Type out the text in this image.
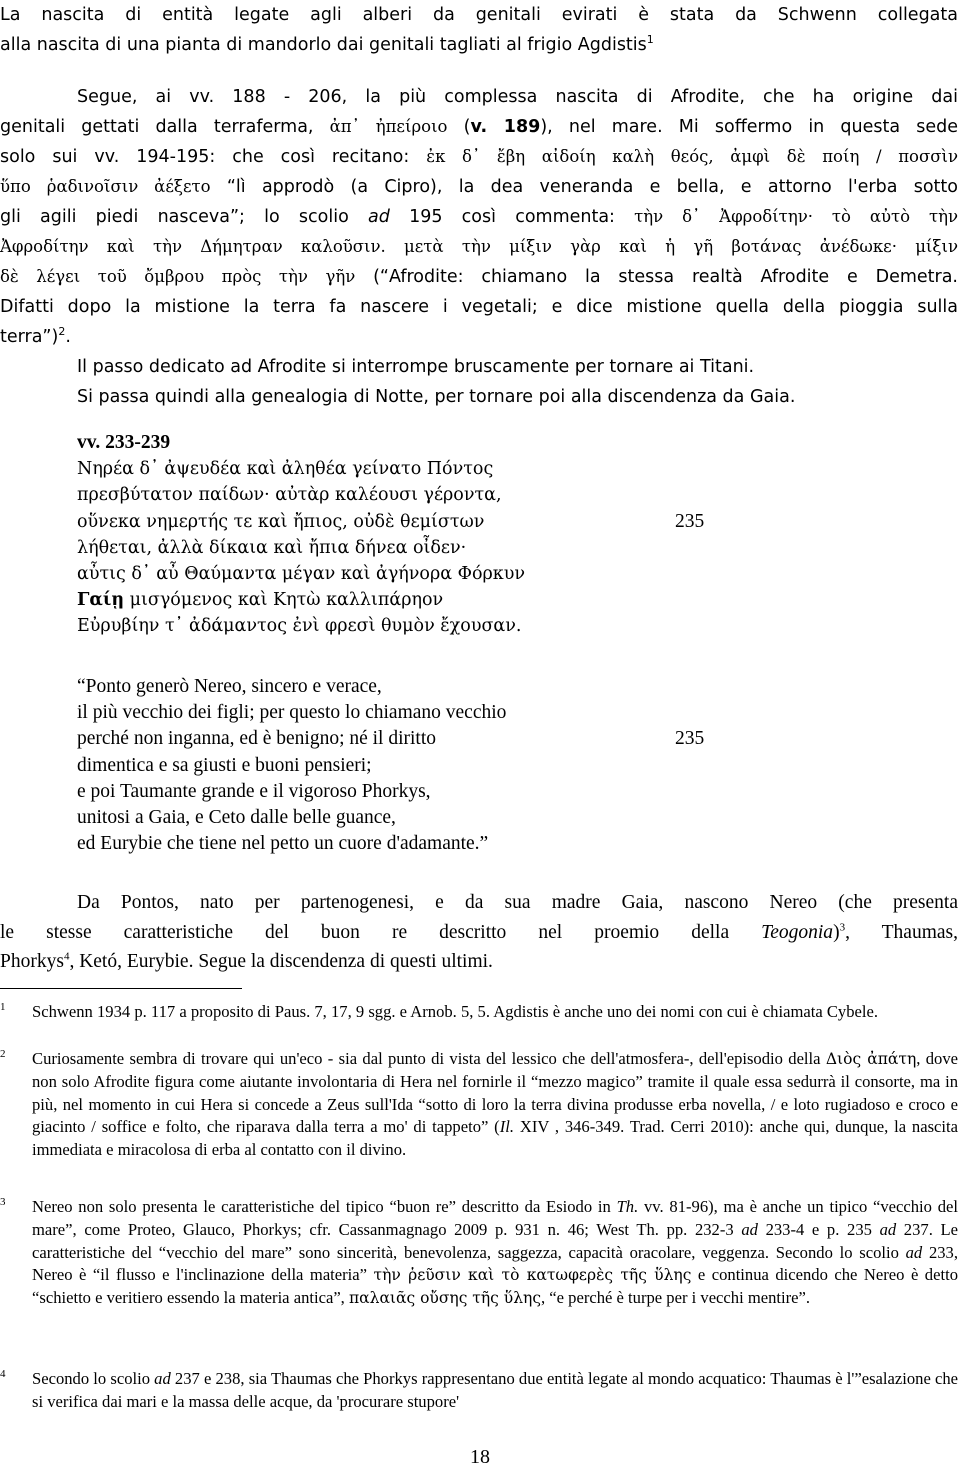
La nascita di entità legate agli alberi da genitali evirati è stata da Schwenn collegata

alla nascita di una pianta di mandorlo dai genitali tagliati al frigio Agdistis$^1$

Segue, ai vv. 188 - 206, la più complessa nascita di Afrodite, che ha origine dai

genitali gettati dalla terraferma, ἀπ᾽ ἠπείροιο (v. 189), nel mare. Mi soffermo in questa sede

solo sui vv. 194-195: che così recitano: ἐκ δ᾽ ἔβη αἰδοίη καλὴ θεός, ἀμφὶ δὲ ποίη / ποσσὶν

ὕπο ῥαδινοῖσιν ἀέξετο “lì approdò (a Cipro), la dea veneranda e bella, e attorno l'erba sotto

gli agili piedi nasceva”; lo scolio ad 195 così commenta: τὴν δ᾽ Ἀφροδίτην· τὸ αὐτὸ τὴν

Ἀφροδίτην καὶ τὴν Δήμητραν καλοῦσιν. μετὰ τὴν μίξιν γὰρ καὶ ἡ γῆ βοτάνας ἀνέδωκε· μίξιν

δὲ λέγει τοῦ ὄμβρου πρὸς τὴν γῆν (“Afrodite: chiamano la stessa realtà Afrodite e Demetra.

Difatti dopo la mistione la terra fa nascere i vegetali; e dice mistione quella della pioggia sulla

terra”)$^2$.

Il passo dedicato ad Afrodite si interrompe bruscamente per tornare ai Titani.

Si passa quindi alla genealogia di Notte, per tornare poi alla discendenza da Gaia.

vv. 233-239
Νηρέα δ᾽ ἀψευδέα καὶ ἀληθέα γείνατο Πόντος
πρεσβύτατον παίδων· αὐτὰρ καλέουσι γέροντα,
οὕνεκα νημερτής τε καὶ ἤπιος, οὐδὲ θεμίστων	235
λήθεται, ἀλλὰ δίκαια καὶ ἤπια δήνεα οἶδεν·
αὖτις δ᾽ αὖ Θαύμαντα μέγαν καὶ ἀγήνορα Φόρκυν
Γαίῃ μισγόμενος καὶ Κητὼ καλλιπάρηον
Εὐρυβίην τ᾽ ἀδάμαντος ἐνὶ φρεσὶ θυμὸν ἔχουσαν.
“Ponto generò Nereo, sincero e verace,
il più vecchio dei figli; per questo lo chiamano vecchio
perché non inganna, ed è benigno; né il diritto	235
dimentica e sa giusti e buoni pensieri;
e poi Taumante grande e il vigoroso Phorkys,
unitosi a Gaia, e Ceto dalle belle guance,
ed Eurybie che tiene nel petto un cuore d'adamante.”

Da Pontos, nato per partenogenesi, e da sua madre Gaia, nascono Nereo (che presenta

le stesse caratteristiche del buon re descritto nel proemio della Teogonia)$^3$, Thaumas,

Phorkys$^4$, Ketó, Eurybie. Segue la discendenza di questi ultimi.

1 Schwenn 1934 p. 117 a proposito di Paus. 7, 17, 9 sgg. e Arnob. 5, 5. Agdistis è anche uno dei nomi con cui è chiamata Cybele.
2 Curiosamente sembra di trovare qui un'eco - sia dal punto di vista del lessico che dell'atmosfera-, dell'episodio della Διὸς ἀπάτη, dove non solo Afrodite figura come aiutante involontaria di Hera nel fornirle il “mezzo magico” tramite il quale essa sedurrà il consorte, ma in più, nel momento in cui Hera si concede a Zeus sull'Ida “sotto di loro la terra divina produsse erba novella, / e loto rugiadoso e croco e giacinto / soffice e folto, che riparava dalla terra a mo' di tappeto” (Il. XIV , 346-349. Trad. Cerri 2010): anche qui, dunque, la nascita immediata e miracolosa di erba al contatto con il divino.
3 Nereo non solo presenta le caratteristiche del tipico “buon re” descritto da Esiodo in Th. vv. 81-96), ma è anche un tipico “vecchio del mare”, come Proteo, Glauco, Phorkys; cfr. Cassanmagnago 2009 p. 931 n. 46; West Th. pp. 232-3 ad 233-4 e p. 235 ad 237. Le caratteristiche del “vecchio del mare” sono sincerità, benevolenza, saggezza, capacità oracolare, veggenza. Secondo lo scolio ad 233, Nereo è “il flusso e l'inclinazione della materia” τὴν ῥεῦσιν καὶ τὸ κατωφερὲς τῆς ὕλης e continua dicendo che Nereo è detto “schietto e veritiero essendo la materia antica”, παλαιᾶς οὔσης τῆς ὕλης, “e perché è turpe per i vecchi mentire”.
4 Secondo lo scolio ad 237 e 238, sia Thaumas che Phorkys rappresentano due entità legate al mondo acquatico: Thaumas è l'”esalazione che si verifica dai mari e la massa delle acque, da 'procurare stupore'
18
